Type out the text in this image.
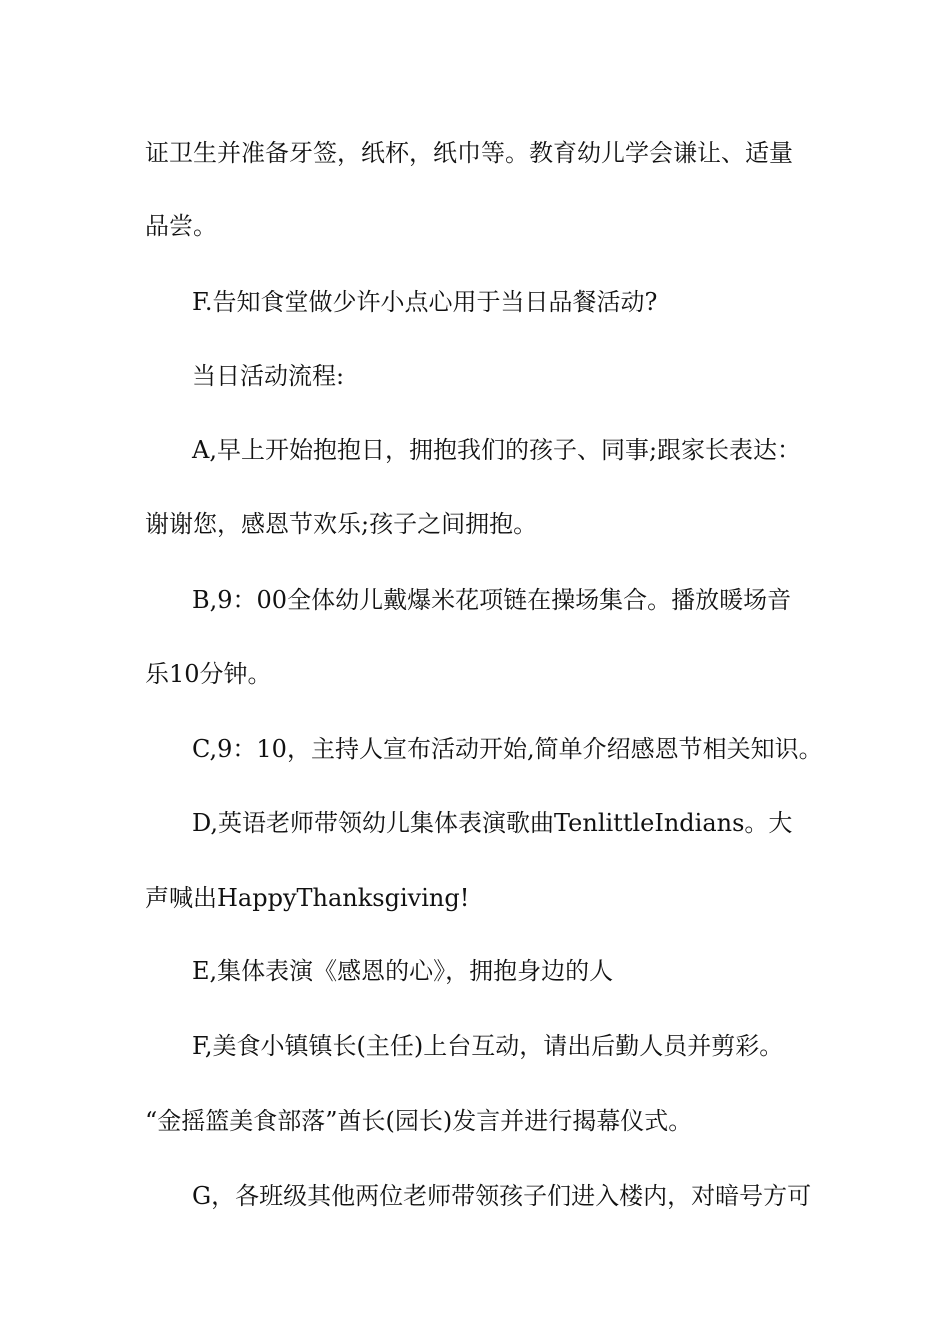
证卫生并准备牙签，纸杯，纸巾等。教育幼儿学会谦让、适量
品尝。
F.告知食堂做少许小点心用于当日品餐活动?
当日活动流程:
A,早上开始抱抱日，拥抱我们的孩子、同事;跟家长表达：
谢谢您，感恩节欢乐;孩子之间拥抱。
B,9：00全体幼儿戴爆米花项链在操场集合。播放暖场音
乐10分钟。
C,9：10，主持人宣布活动开始,简单介绍感恩节相关知识。
D,英语老师带领幼儿集体表演歌曲TenlittleIndians。大
声喊出HappyThanksgiving!
E,集体表演《感恩的心》，拥抱身边的人
F,美食小镇镇长(主任)上台互动，请出后勤人员并剪彩。
“金摇篮美食部落”酋长(园长)发言并进行揭幕仪式。
G，各班级其他两位老师带领孩子们进入楼内，对暗号方可
